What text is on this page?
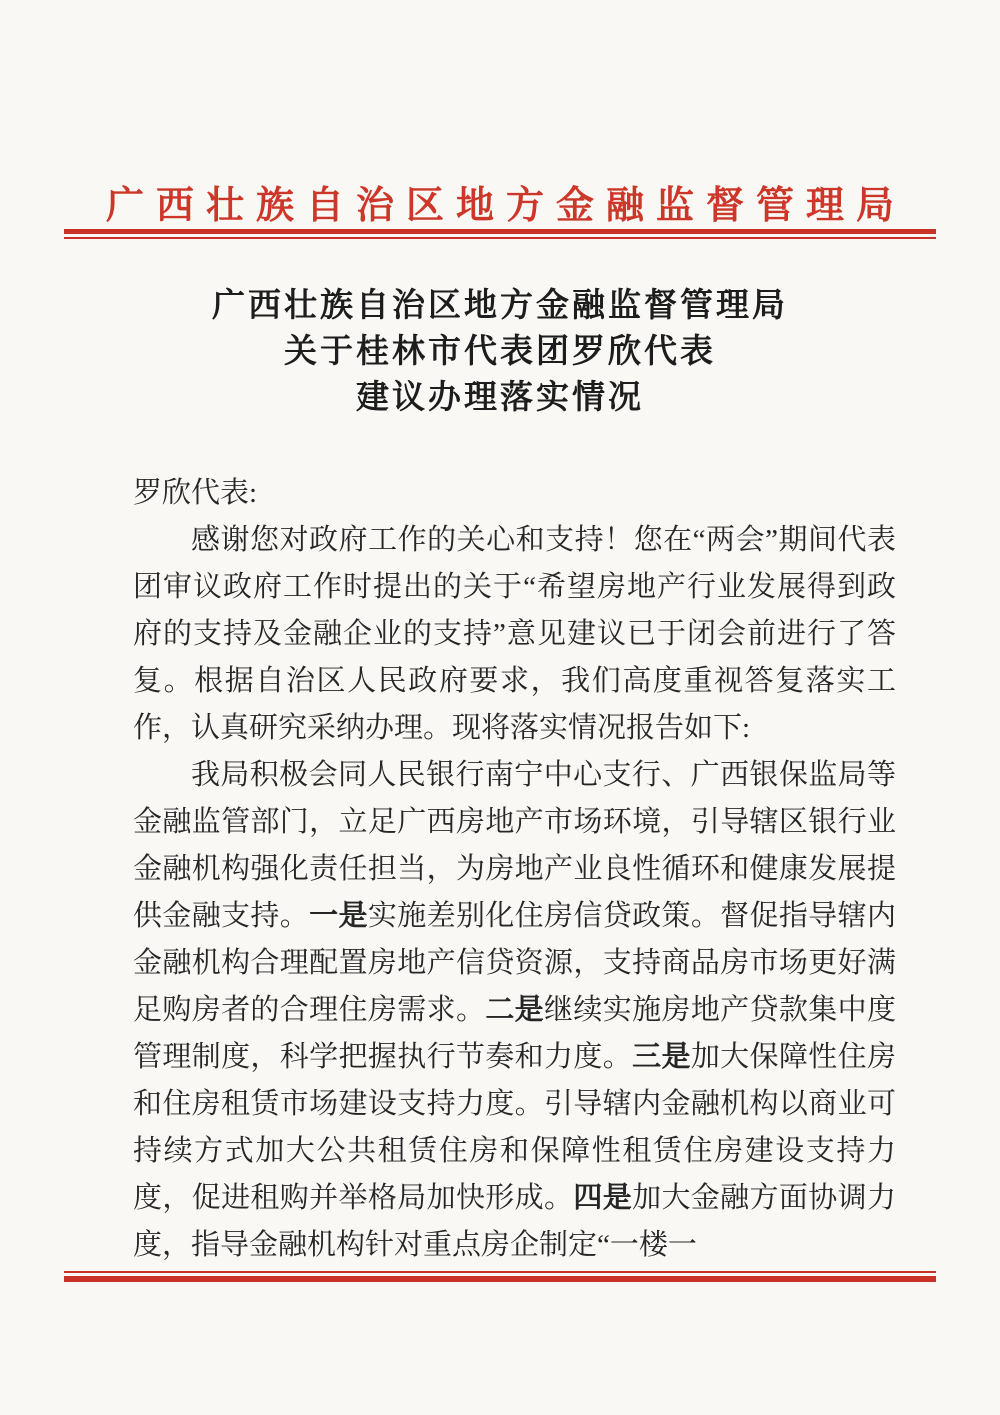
广西壮族自治区地方金融监督管理局
广西壮族自治区地方金融监督管理局
关于桂林市代表团罗欣代表
建议办理落实情况

罗欣代表:

感谢您对政府工作的关心和支持！您在“两会”期间代表团审议政府工作时提出的关于“希望房地产行业发展得到政府的支持及金融企业的支持”意见建议已于闭会前进行了答复。根据自治区人民政府要求，我们高度重视答复落实工作，认真研究采纳办理。现将落实情况报告如下:

我局积极会同人民银行南宁中心支行、广西银保监局等金融监管部门，立足广西房地产市场环境，引导辖区银行业金融机构强化责任担当，为房地产业良性循环和健康发展提供金融支持。一是实施差别化住房信贷政策。督促指导辖内金融机构合理配置房地产信贷资源，支持商品房市场更好满足购房者的合理住房需求。二是继续实施房地产贷款集中度管理制度，科学把握执行节奏和力度。三是加大保障性住房和住房租赁市场建设支持力度。引导辖内金融机构以商业可持续方式加大公共租赁住房和保障性租赁住房建设支持力度，促进租购并举格局加快形成。四是加大金融方面协调力度，指导金融机构针对重点房企制定“一楼一
